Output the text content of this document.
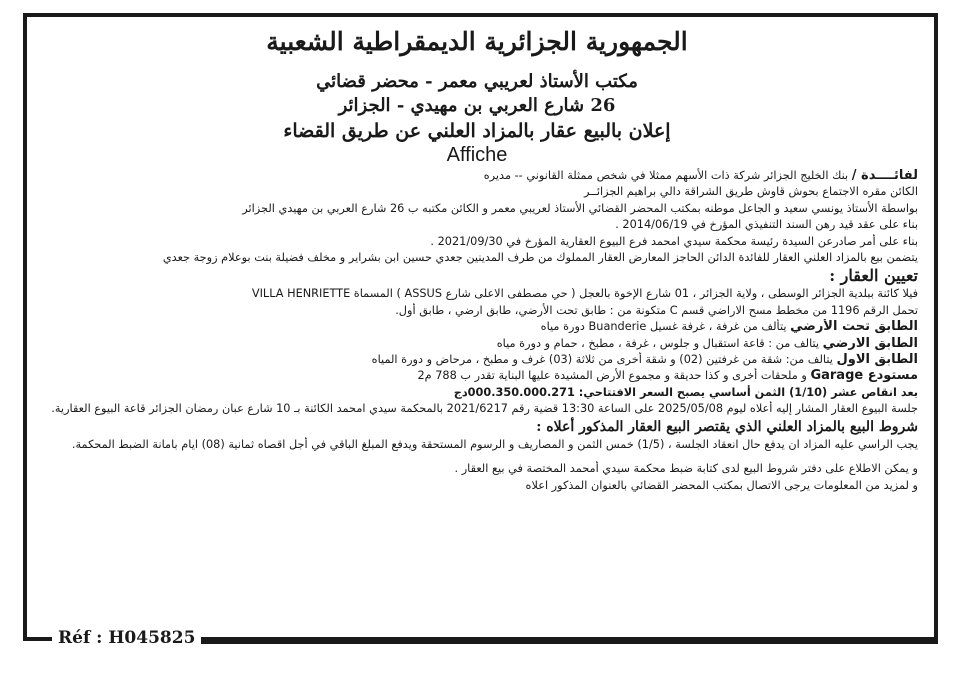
Réf : H045825

الجمهورية الجزائرية الديمقراطية الشعبية

مكتب الأستاذ لعريبي معمر - محضر قضائي

26 شارع العربي بن مهيدي - الجزائر

إعلان بالبيع عقار بالمزاد العلني عن طريق القضاء

Affiche

لفائــــدة / بنك الخليج الجزائر شركة ذات الأسهم ممثلا في شخص ممثلة القانوني -- مديره

الكائن مقره الاجتماع بحوش قاوش طريق الشراقة دالي براهيم الجزائــر

بواسطة الأستاذ يونسي سعيد و الجاعل موطنه بمكتب المحضر القضائي الأستاذ لعريبي معمر و الكائن مكتبه ب 26 شارع العربي بن مهيدي الجزائر

بناء على عقد قيد رهن السند التنفيذي المؤرخ في 2014/06/19 .

بناء على أمر صادرعن السيدة رئيسة محكمة سيدي امحمد فرع البيوع العقارية المؤرخ في 2021/09/30 .

يتضمن بيع بالمزاد العلني العقار للفائدة الدائن الحاجز المعارض العقار المملوك من طرف المدينين جعدي حسين ابن بشراير و مخلف فضيلة بنت بوعلام زوجة جعدي

تعيين العقار :

فيلا كائنة ببلدية الجزائر الوسطى ، ولاية الجزائر ، 01 شارع الإخوة بالعجل ( حي مصطفى الاعلى شارع ASSUS ) المسماة VILLA HENRIETTE

تحمل الرقم 1196 من مخطط مسح الاراضي قسم C متكونة من : طابق تحت الأرضي، طابق ارضي ، طابق أول.

الطابق تحت الأرضي يتألف من غرفة ، غرفة غسيل Buanderie دورة مياه

الطابق الارضي يتالف من : قاعة استقبال و جلوس ، غرفة ، مطبخ ، حمام و دورة مياه

الطابق الاول يتالف من: شقة من غرفتين (02) و شقة أخرى من ثلاثة (03) غرف و مطبخ ، مرحاض و دورة المياه

مستودع Garage و ملحقات أخرى و كذا حديقة و مجموع الأرض المشيدة عليها البناية تقدر ب 788 م2

بعد انقاص عشر (1/10) الثمن أساسي يصبح السعر الافتتاحي: 000.350.000.271دج

جلسة البيوع العقار المشار إليه أعلاه ليوم 2025/05/08 على الساعة 13:30 قضية رقم 2021/6217 بالمحكمة سيدي امحمد الكائنة بـ 10 شارع عبان رمضان الجزائر قاعة البيوع العقارية.

شروط البيع بالمزاد العلني الذي يقتصر البيع العقار المذكور أعلاه :

يجب الراسي عليه المزاد ان يدفع حال انعقاد الجلسة ، (1/5) خمس الثمن و المصاريف و الرسوم المستحقة ويدفع المبلغ الباقي في أجل اقصاه ثمانية (08) ايام بامانة الضبط المحكمة.

و يمكن الاطلاع على دفتر شروط البيع لدى كتابة ضبط محكمة سيدي أمحمد المختصة في بيع العقار .

و لمزيد من المعلومات يرجى الاتصال بمكتب المحضر القضائي بالعنوان المذكور اعلاه
